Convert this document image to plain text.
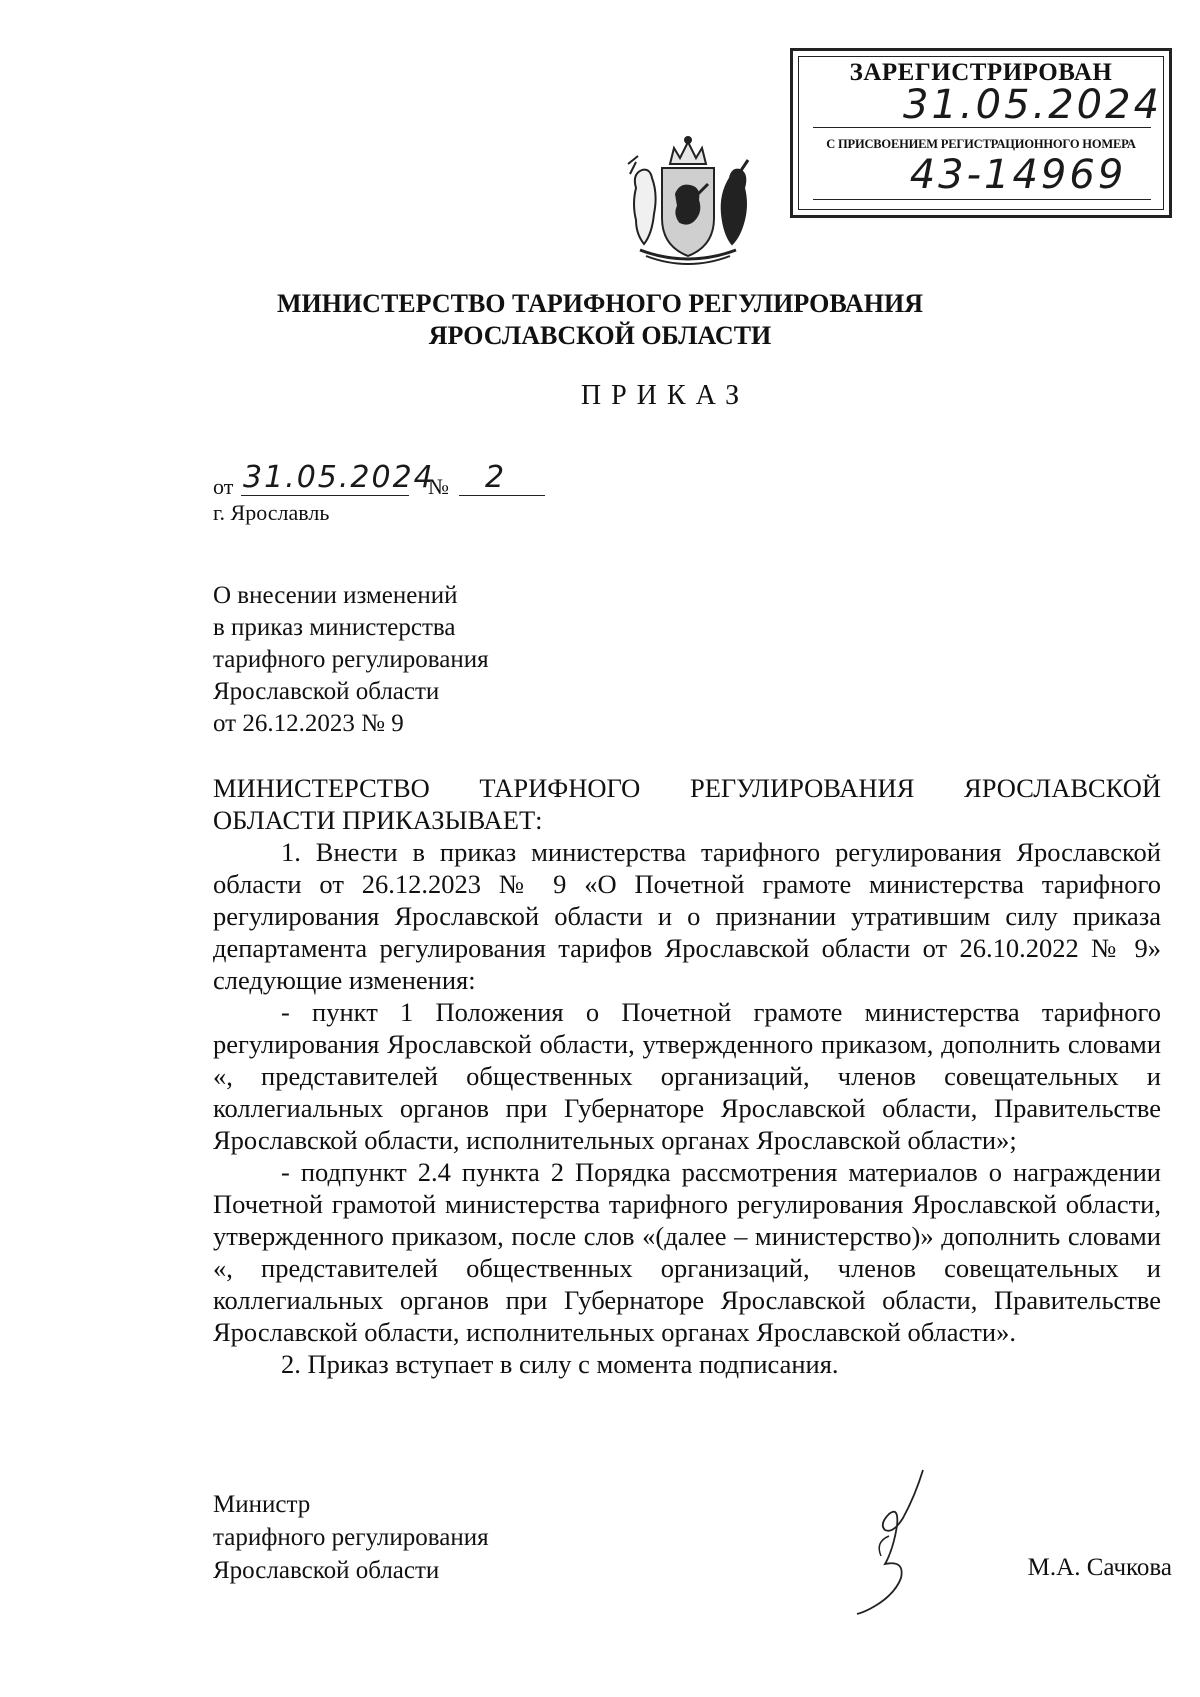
ЗАРЕГИСТРИРОВАН
31.05.2024
С ПРИСВОЕНИЕМ РЕГИСТРАЦИОННОГО НОМЕРА
43-14969
МИНИСТЕРСТВО ТАРИФНОГО РЕГУЛИРОВАНИЯ
ЯРОСЛАВСКОЙ ОБЛАСТИ
ПРИКАЗ
от 31.05.2024
№ 2
г. Ярославль
О внесении изменений
в приказ министерства
тарифного регулирования
Ярославской области
от 26.12.2023 № 9

МИНИСТЕРСТВО ТАРИФНОГО РЕГУЛИРОВАНИЯ ЯРОСЛАВСКОЙ ОБЛАСТИ ПРИКАЗЫВАЕТ:

1. Внести в приказ министерства тарифного регулирования Ярославской области от 26.12.2023 № 9 «О Почетной грамоте министерства тарифного регулирования Ярославской области и о признании утратившим силу приказа департамента регулирования тарифов Ярославской области от 26.10.2022 № 9» следующие изменения:

- пункт 1 Положения о Почетной грамоте министерства тарифного регулирования Ярославской области, утвержденного приказом, дополнить словами «, представителей общественных организаций, членов совещательных и коллегиальных органов при Губернаторе Ярославской области, Правительстве Ярославской области, исполнительных органах Ярославской области»;

- подпункт 2.4 пункта 2 Порядка рассмотрения материалов о награждении Почетной грамотой министерства тарифного регулирования Ярославской области, утвержденного приказом, после слов «(далее – министерство)» дополнить словами «, представителей общественных организаций, членов совещательных и коллегиальных органов при Губернаторе Ярославской области, Правительстве Ярославской области, исполнительных органах Ярославской области».

2. Приказ вступает в силу с момента подписания.

Министр
тарифного регулирования
Ярославской области	М.А. Сачкова
